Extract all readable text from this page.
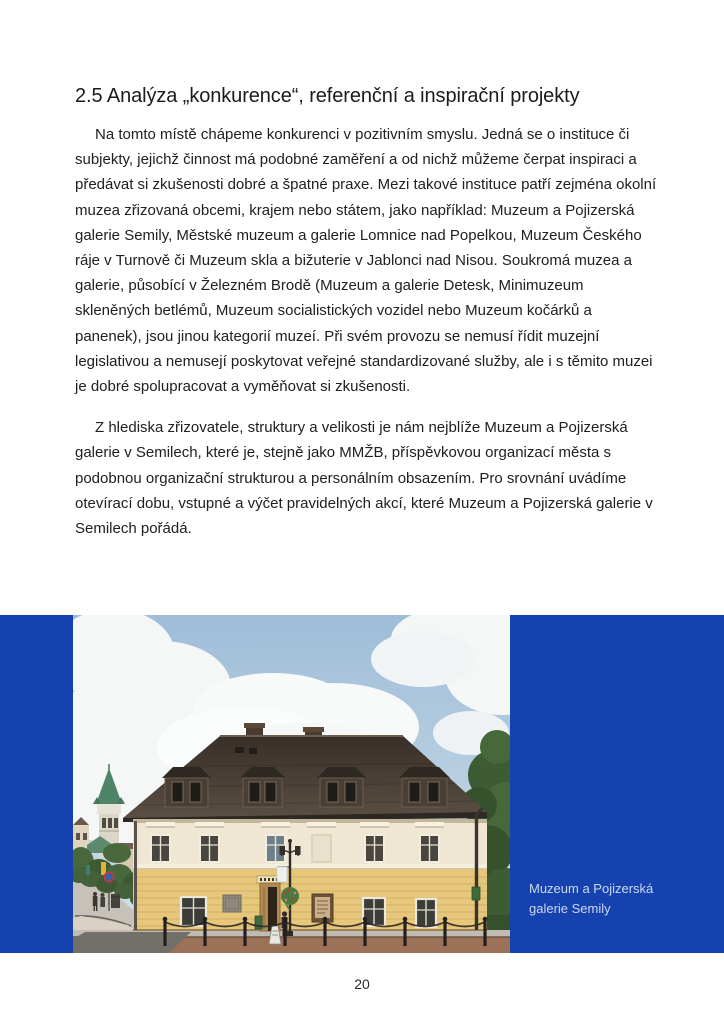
2.5 Analýza „konkurence“, referenční a inspirační projekty

Na tomto místě chápeme konkurenci v pozitivním smyslu. Jedná se o instituce či subjekty, jejichž činnost má podobné zaměření a od nichž můžeme čerpat inspiraci a předávat si zkušenosti dobré a špatné praxe. Mezi takové instituce patří zejména okolní muzea zřizovaná obcemi, krajem nebo státem, jako například: Muzeum a Pojizerská galerie Semily, Městské muzeum a galerie Lomnice nad Popelkou, Muzeum Českého ráje v Turnově či Muzeum skla a bižuterie v Jablonci nad Nisou. Soukromá muzea a galerie, působící v Železném Brodě (Muzeum a galerie Detesk, Minimuzeum skleněných betlémů, Muzeum socialistických vozidel nebo Muzeum kočárků a panenek), jsou jinou kategorií muzeí. Při svém provozu se nemusí řídit muzejní legislativou a nemusejí poskytovat veřejné standardizované služby, ale i s těmito muzei je dobré spolupracovat a vyměňovat si zkušenosti.

Z hlediska zřizovatele, struktury a velikosti je nám nejblíže Muzeum a Pojizerská galerie v Semilech, které je, stejně jako MMŽB, příspěvkovou organizací města s podobnou organizační strukturou a personálním obsazením. Pro srovnání uvádíme otevírací dobu, vstupné a výčet pravidelných akcí, které Muzeum a Pojizerská galerie v Semilech pořádá.

Muzeum a Pojizerská galerie Semily
20
